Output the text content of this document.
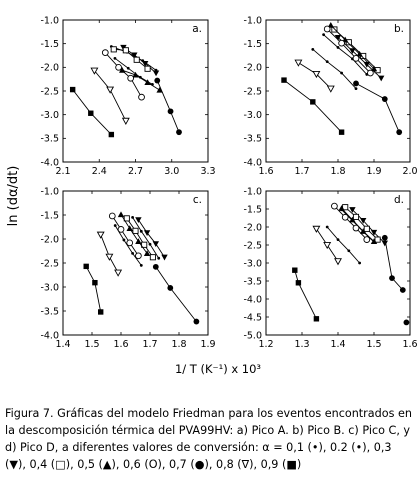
ln (dα/dt)
1/ T (K⁻¹) x 10³
2.1 2.4 2.7 3.0 3.3
-1.0
-1.5
-2.0
-2.5
-3.0
-3.5
-4.0
a.
1.6 1.7 1.8 1.9 2.0
-1.0
-1.5
-2.0
-2.5
-3.0
-3.5
-4.0
b.
1.4 1.5 1.6 1.7 1.8 1.9
-1.0
-1.5
-2.0
-2.5
-3.0
-3.5
-4.0
c.
1.2 1.3 1.4 1.5 1.6
-1.0
-1.5
-2.0
-2.5
-3.0
-3.5
-4.0
-4.5
-5.0
d.

Figura 7. Gráficas del modelo Friedman para los eventos encontrados en la descomposición térmica del PVA99HV: a) Pico A. b) Pico B. c) Pico C, y d) Pico D, a diferentes valores de conversión: α = 0,1 (•), 0.2 (•), 0,3 (▼), 0,4 (□), 0,5 (▲), 0,6 (O), 0,7 (●), 0,8 (∇), 0,9 (■)
